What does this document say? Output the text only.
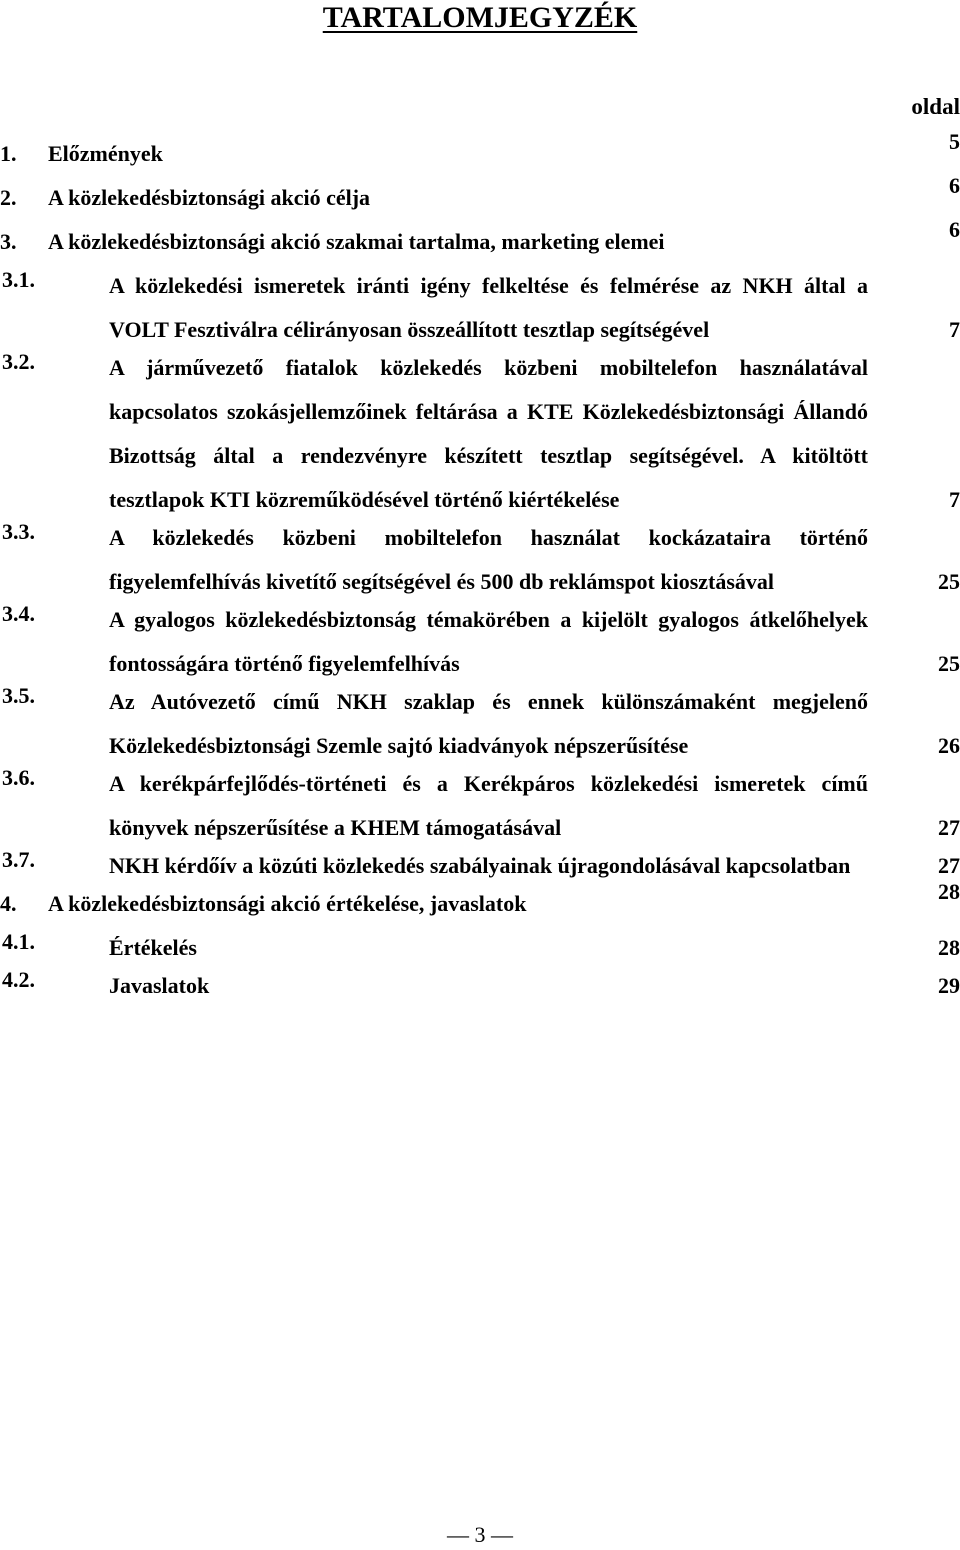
TARTALOMJEGYZÉK
oldal
1. Előzmények	5
2. A közlekedésbiztonsági akció célja	6
3. A közlekedésbiztonsági akció szakmai tartalma, marketing elemei	6
3.1.	A közlekedési ismeretek iránti igény felkeltése és felmérése az NKH által a VOLT Fesztiválra célirányosan összeállított tesztlap segítségével	7
3.2.	A járművezető fiatalok közlekedés közbeni mobiltelefon használatával kapcsolatos szokásjellemzőinek feltárása a KTE Közlekedésbiztonsági Állandó Bizottság által a rendezvényre készített tesztlap segítségével. A kitöltött tesztlapok KTI közreműködésével történő kiértékelése	7
3.3.	A közlekedés közbeni mobiltelefon használat kockázataira történő figyelemfelhívás kivetítő segítségével és 500 db reklámspot kiosztásával	25
3.4.	A gyalogos közlekedésbiztonság témakörében a kijelölt gyalogos átkelőhelyek fontosságára történő figyelemfelhívás	25
3.5.	Az Autóvezető című NKH szaklap és ennek különszámaként megjelenő Közlekedésbiztonsági Szemle sajtó kiadványok népszerűsítése	26
3.6.	A kerékpárfejlődés-történeti és a Kerékpáros közlekedési ismeretek című könyvek népszerűsítése a KHEM támogatásával	27
3.7.	NKH kérdőív a közúti közlekedés szabályainak újragondolásával kapcsolatban	27
4. A közlekedésbiztonsági akció értékelése, javaslatok	28
4.1.	Értékelés	28
4.2.	Javaslatok	29
— 3 —
